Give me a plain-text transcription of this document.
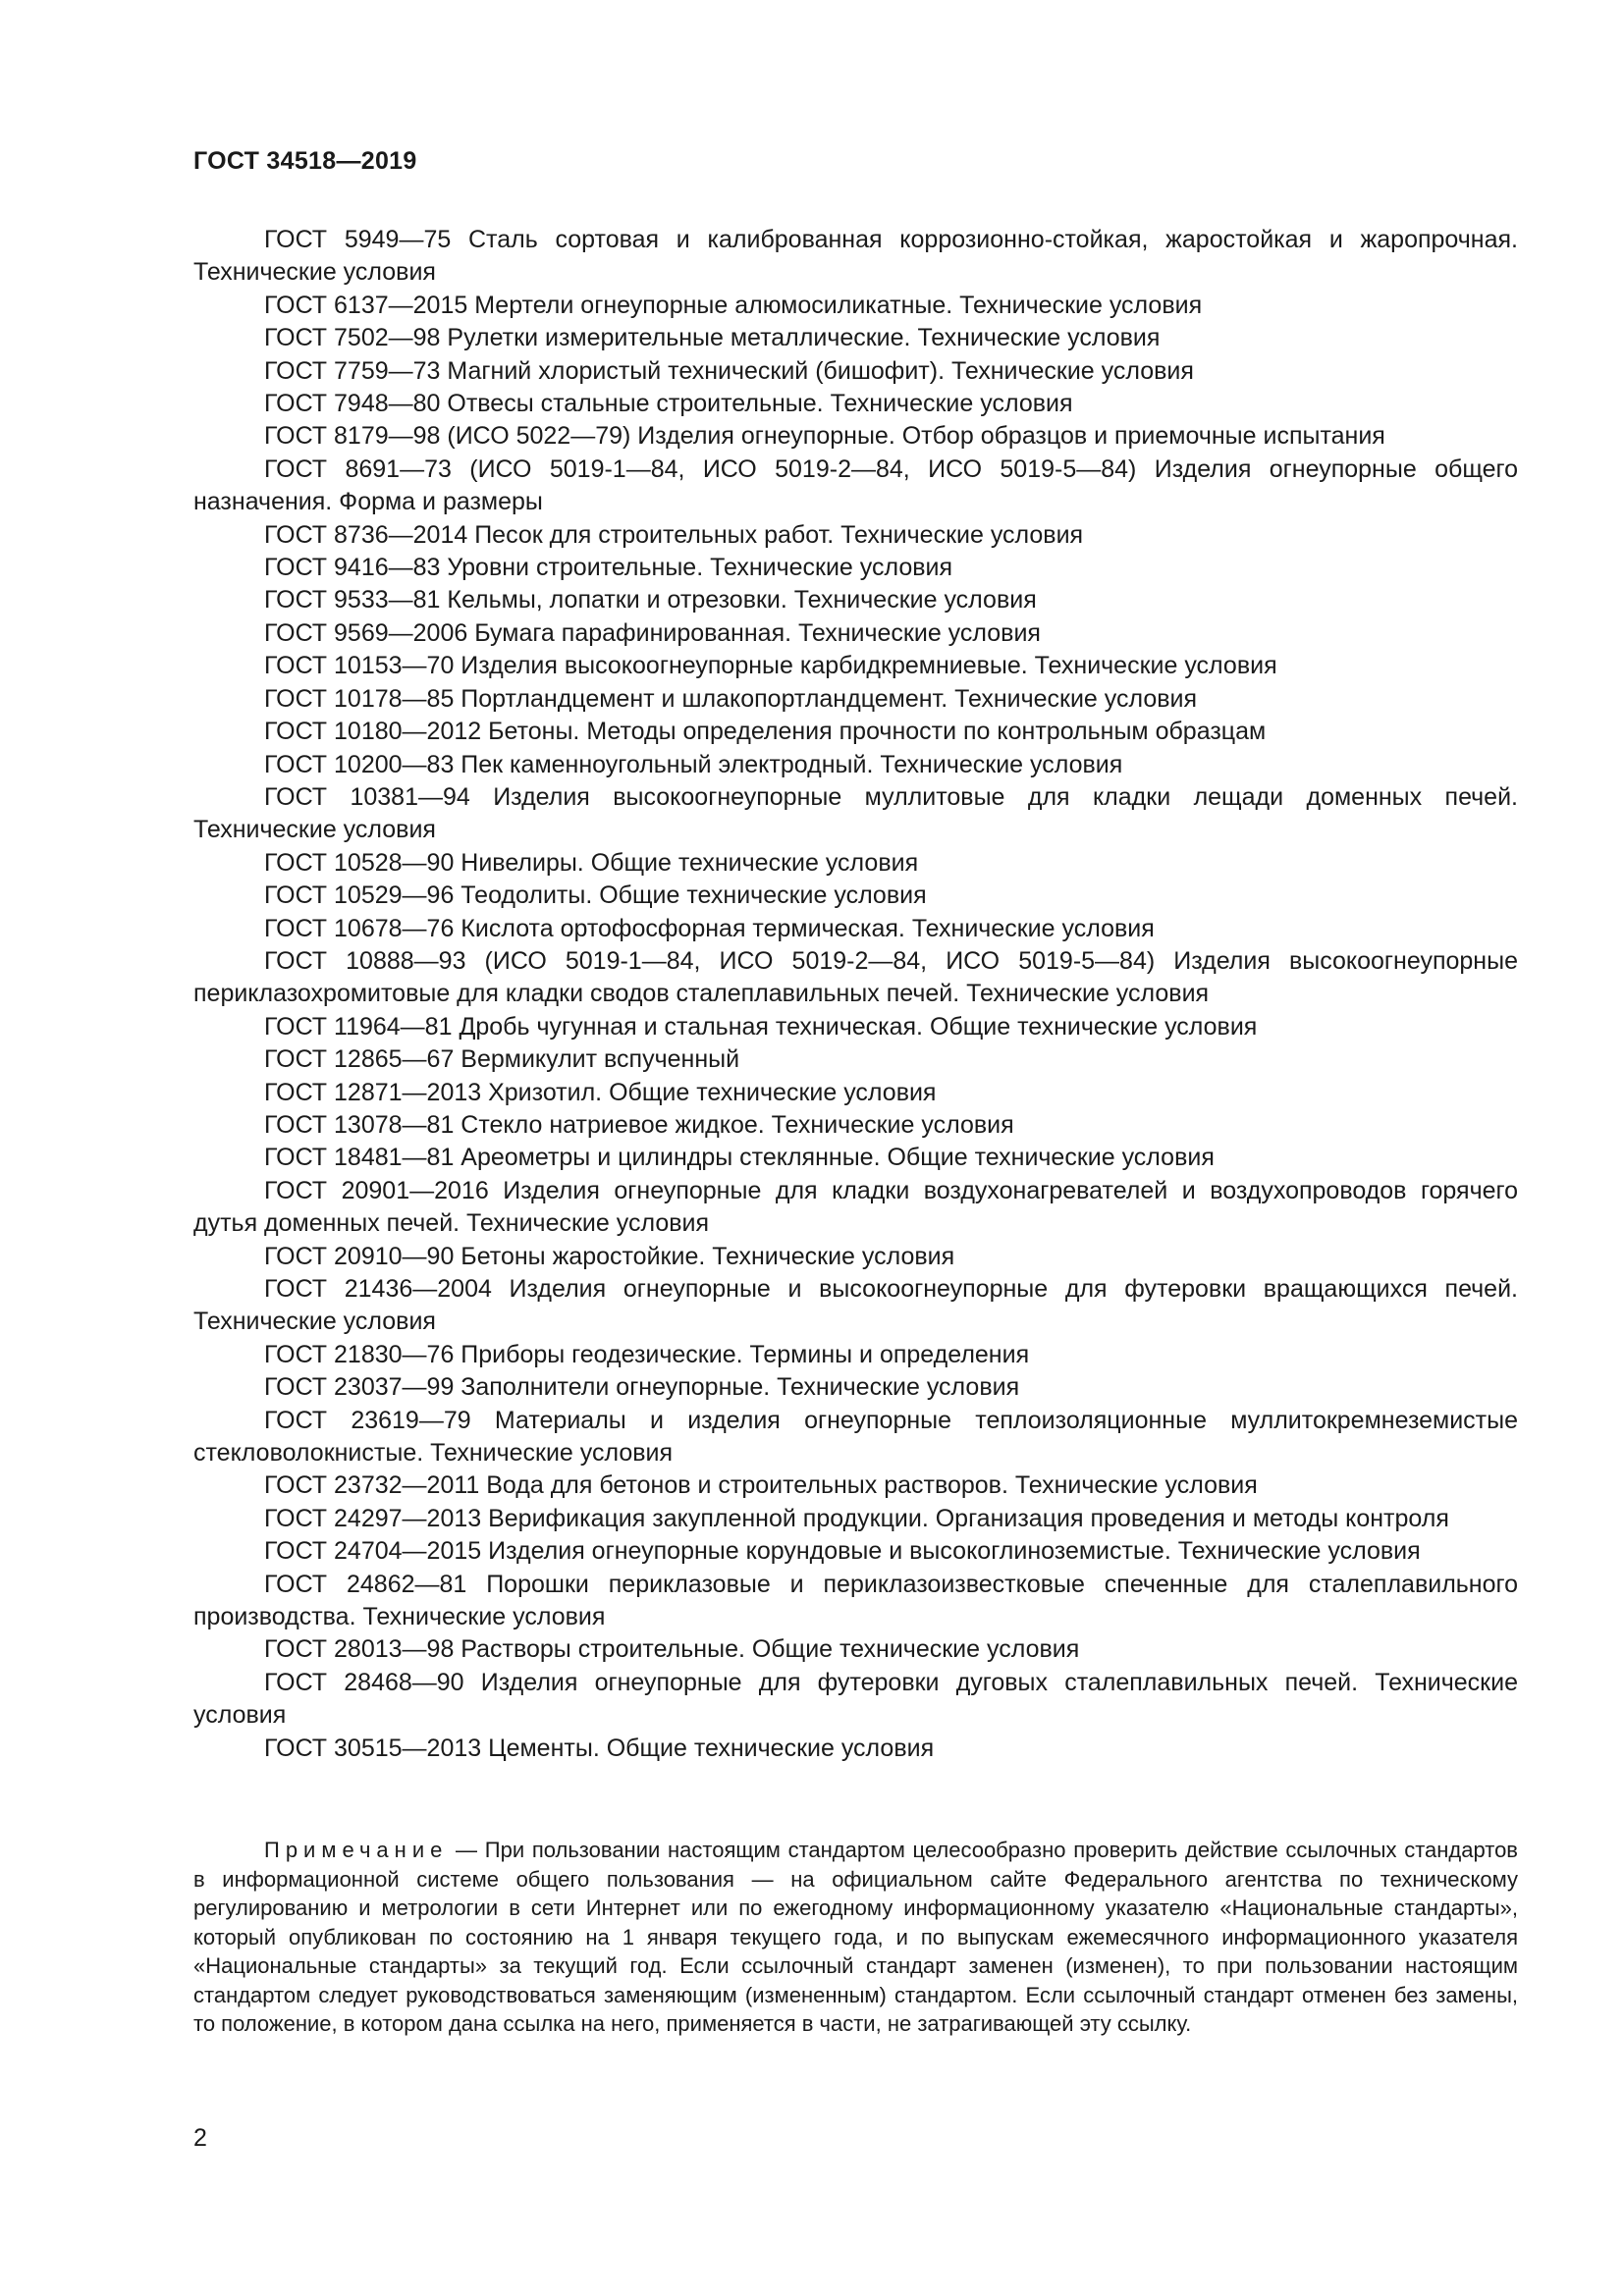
ГОСТ 34518—2019

ГОСТ 5949—75 Сталь сортовая и калиброванная коррозионно-стойкая, жаростойкая и жаропрочная. Технические условия

ГОСТ 6137—2015 Мертели огнеупорные алюмосиликатные. Технические условия

ГОСТ 7502—98 Рулетки измерительные металлические. Технические условия

ГОСТ 7759—73 Магний хлористый технический (бишофит). Технические условия

ГОСТ 7948—80 Отвесы стальные строительные. Технические условия

ГОСТ 8179—98 (ИСО 5022—79) Изделия огнеупорные. Отбор образцов и приемочные испытания

ГОСТ 8691—73 (ИСО 5019-1—84, ИСО 5019-2—84, ИСО 5019-5—84) Изделия огнеупорные общего назначения. Форма и размеры

ГОСТ 8736—2014 Песок для строительных работ. Технические условия

ГОСТ 9416—83 Уровни строительные. Технические условия

ГОСТ 9533—81 Кельмы, лопатки и отрезовки. Технические условия

ГОСТ 9569—2006 Бумага парафинированная. Технические условия

ГОСТ 10153—70 Изделия высокоогнеупорные карбидкремниевые. Технические условия

ГОСТ 10178—85 Портландцемент и шлакопортландцемент. Технические условия

ГОСТ 10180—2012 Бетоны. Методы определения прочности по контрольным образцам

ГОСТ 10200—83 Пек каменноугольный электродный. Технические условия

ГОСТ 10381—94 Изделия высокоогнеупорные муллитовые для кладки лещади доменных печей. Технические условия

ГОСТ 10528—90 Нивелиры. Общие технические условия

ГОСТ 10529—96 Теодолиты. Общие технические условия

ГОСТ 10678—76 Кислота ортофосфорная термическая. Технические условия

ГОСТ 10888—93 (ИСО 5019-1—84, ИСО 5019-2—84, ИСО 5019-5—84) Изделия высокоогнеупорные периклазохромитовые для кладки сводов сталеплавильных печей. Технические условия

ГОСТ 11964—81 Дробь чугунная и стальная техническая. Общие технические условия

ГОСТ 12865—67 Вермикулит вспученный

ГОСТ 12871—2013 Хризотил. Общие технические условия

ГОСТ 13078—81 Стекло натриевое жидкое. Технические условия

ГОСТ 18481—81 Ареометры и цилиндры стеклянные. Общие технические условия

ГОСТ 20901—2016 Изделия огнеупорные для кладки воздухонагревателей и воздухопроводов горячего дутья доменных печей. Технические условия

ГОСТ 20910—90 Бетоны жаростойкие. Технические условия

ГОСТ 21436—2004 Изделия огнеупорные и высокоогнеупорные для футеровки вращающихся печей. Технические условия

ГОСТ 21830—76 Приборы геодезические. Термины и определения

ГОСТ 23037—99 Заполнители огнеупорные. Технические условия

ГОСТ 23619—79 Материалы и изделия огнеупорные теплоизоляционные муллитокремнеземистые стекловолокнистые. Технические условия

ГОСТ 23732—2011 Вода для бетонов и строительных растворов. Технические условия

ГОСТ 24297—2013 Верификация закупленной продукции. Организация проведения и методы контроля

ГОСТ 24704—2015 Изделия огнеупорные корундовые и высокоглиноземистые. Технические условия

ГОСТ 24862—81 Порошки периклазовые и периклазоизвестковые спеченные для сталеплавильного производства. Технические условия

ГОСТ 28013—98 Растворы строительные. Общие технические условия

ГОСТ 28468—90 Изделия огнеупорные для футеровки дуговых сталеплавильных печей. Технические условия

ГОСТ 30515—2013 Цементы. Общие технические условия

Примечание — При пользовании настоящим стандартом целесообразно проверить действие ссылочных стандартов в информационной системе общего пользования — на официальном сайте Федерального агентства по техническому регулированию и метрологии в сети Интернет или по ежегодному информационному указателю «Национальные стандарты», который опубликован по состоянию на 1 января текущего года, и по выпускам ежемесячного информационного указателя «Национальные стандарты» за текущий год. Если ссылочный стандарт заменен (изменен), то при пользовании настоящим стандартом следует руководствоваться заменяющим (измененным) стандартом. Если ссылочный стандарт отменен без замены, то положение, в котором дана ссылка на него, применяется в части, не затрагивающей эту ссылку.

2
